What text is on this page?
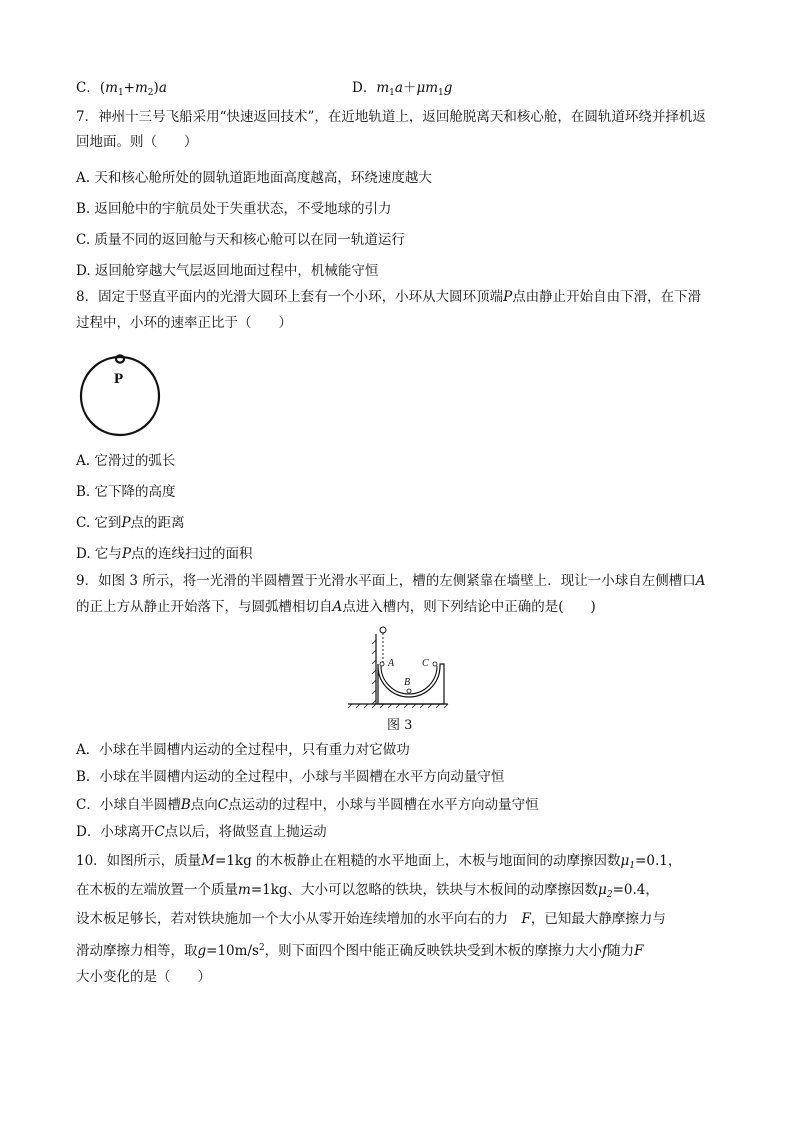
C．$(m_1+m_2)a$	D．$m_1a+\mu m_1g$
7．神州十三号飞船采用“快速返回技术”，在近地轨道上，返回舱脱离天和核心舱，在圆轨道环绕并择机返
回地面。则（　　）
A. 天和核心舱所处的圆轨道距地面高度越高，环绕速度越大
B. 返回舱中的宇航员处于失重状态，不受地球的引力
C. 质量不同的返回舱与天和核心舱可以在同一轨道运行
D. 返回舱穿越大气层返回地面过程中，机械能守恒
8．固定于竖直平面内的光滑大圆环上套有一个小环，小环从大圆环顶端P点由静止开始自由下滑，在下滑
过程中，小环的速率正比于（　　）
P
A. 它滑过的弧长
B. 它下降的高度
C. 它到P点的距离
D. 它与P点的连线扫过的面积
9．如图 3 所示，将一光滑的半圆槽置于光滑水平面上，槽的左侧紧靠在墙壁上．现让一小球自左侧槽口A
的正上方从静止开始落下，与圆弧槽相切自A点进入槽内，则下列结论中正确的是(　　)
A
B
C
图 3
A．小球在半圆槽内运动的全过程中，只有重力对它做功
B．小球在半圆槽内运动的全过程中，小球与半圆槽在水平方向动量守恒
C．小球自半圆槽B点向C点运动的过程中，小球与半圆槽在水平方向动量守恒
D．小球离开C点以后，将做竖直上抛运动
10．如图所示，质量M=1kg 的木板静止在粗糙的水平地面上，木板与地面间的动摩擦因数$\mu_1=0.1$，
在木板的左端放置一个质量m=1kg、大小可以忽略的铁块，铁块与木板间的动摩擦因数$\mu_2=0.4$，
设木板足够长，若对铁块施加一个大小从零开始连续增加的水平向右的力　F，已知最大静摩擦力与
滑动摩擦力相等，取$g=10m/s^2$，则下面四个图中能正确反映铁块受到木板的摩擦力大小f随力F
大小变化的是（　　）
